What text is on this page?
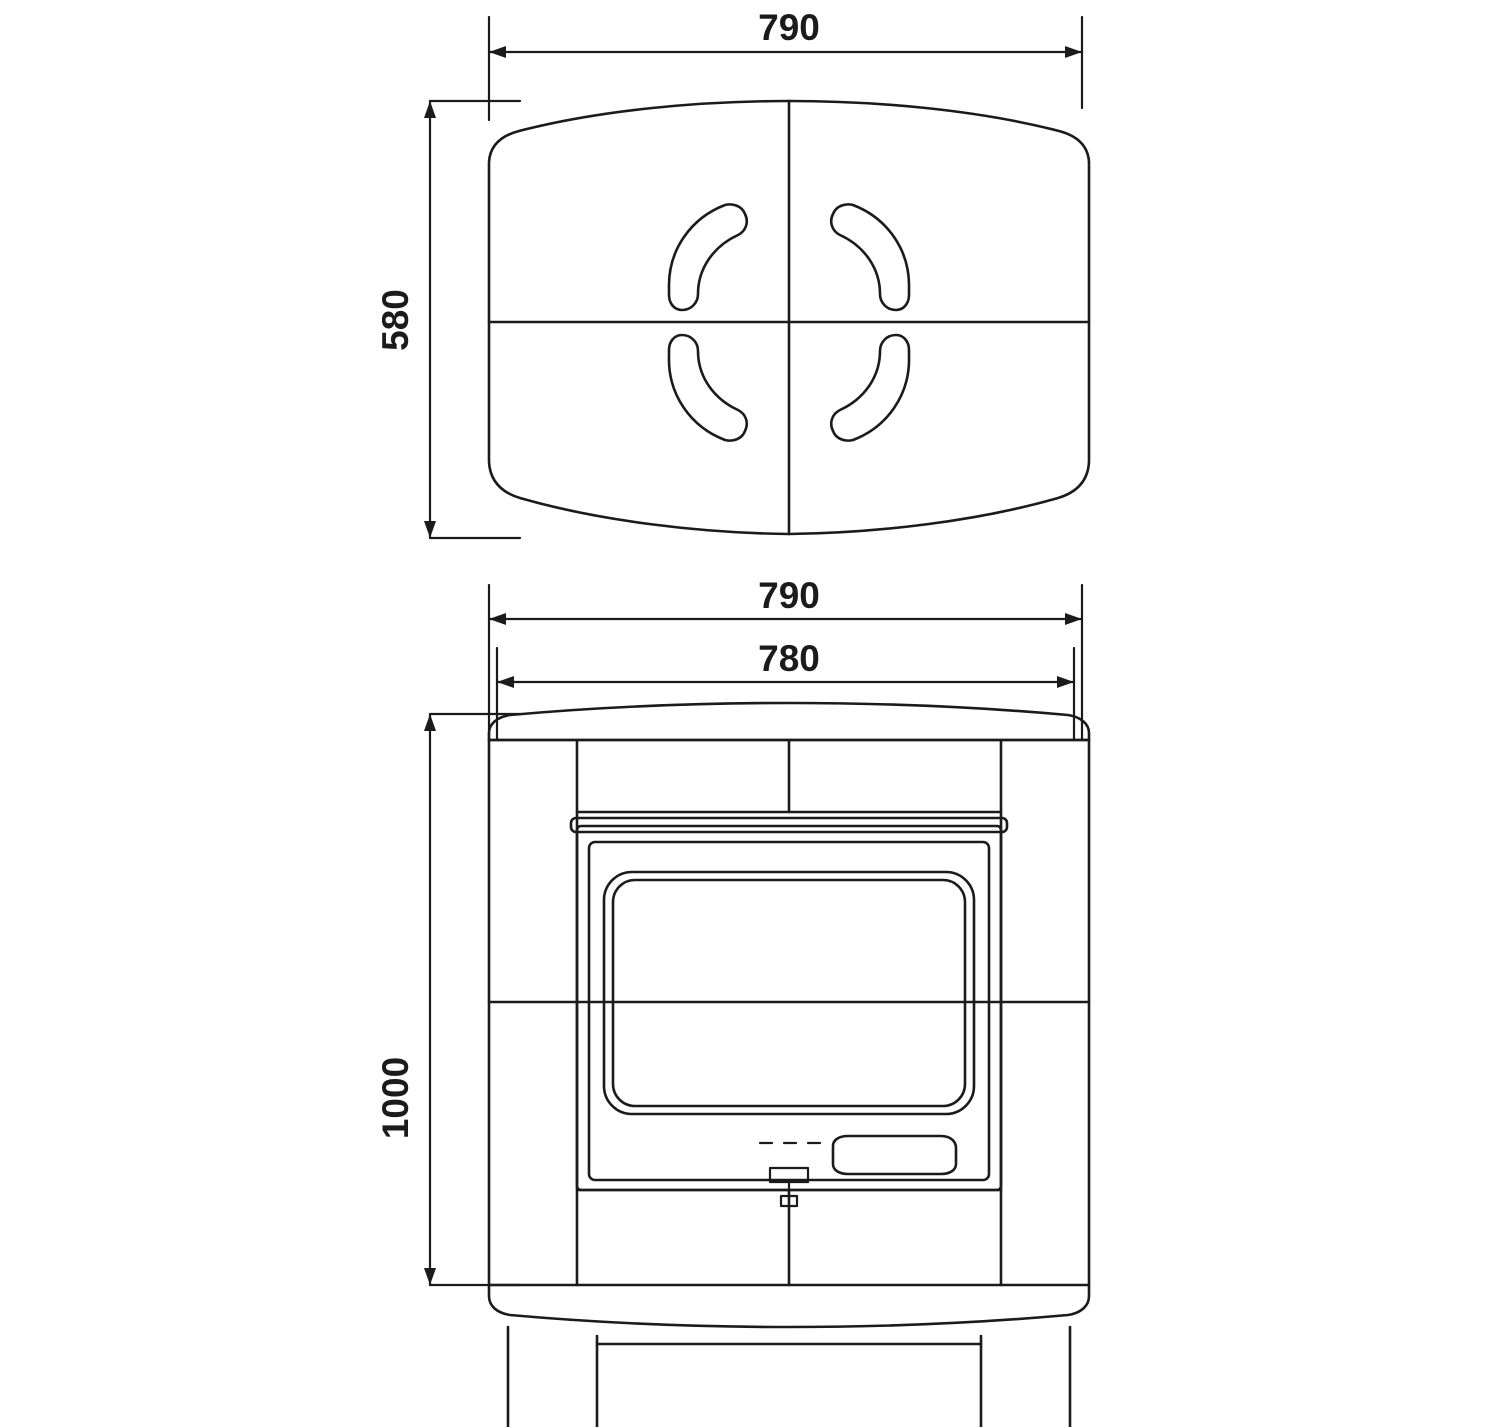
790
580
790
780
1000
